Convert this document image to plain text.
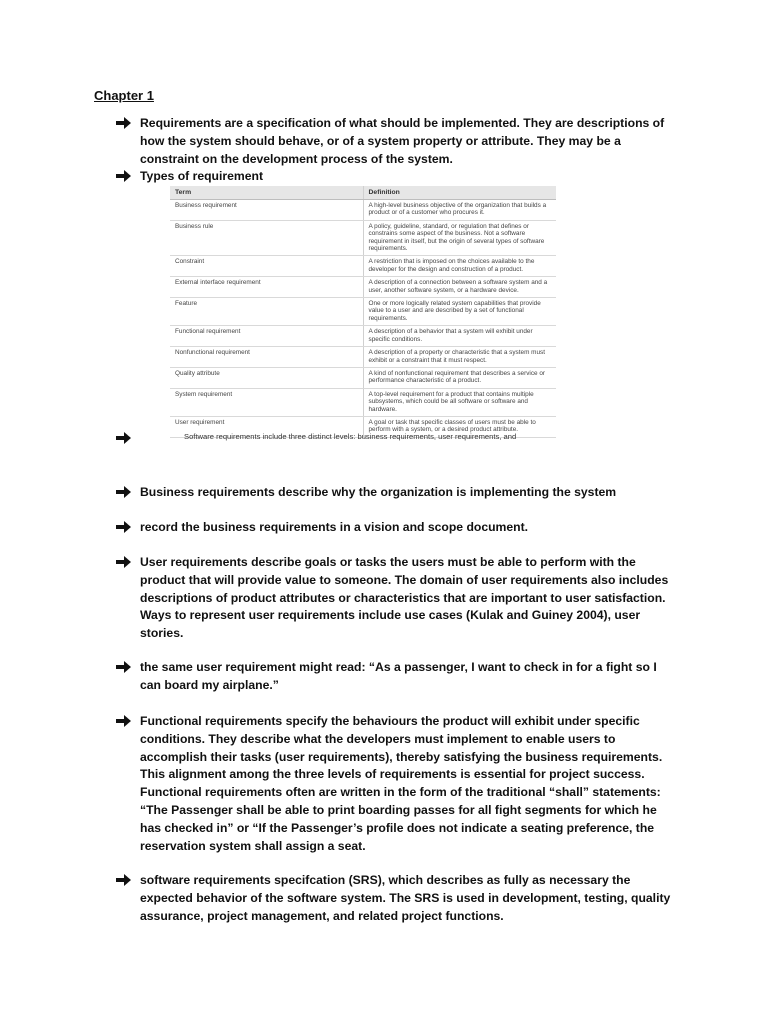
Chapter 1
Requirements are a specification of what should be implemented. They are descriptions of how the system should behave, or of a system property or attribute. They may be a constraint on the development process of the system.
Types of requirement
Term	Definition
Business requirement	A high-level business objective of the organization that builds a product or of a customer who procures it.
Business rule	A policy, guideline, standard, or regulation that defines or constrains some aspect of the business. Not a software requirement in itself, but the origin of several types of software requirements.
Constraint	A restriction that is imposed on the choices available to the developer for the design and construction of a product.
External interface requirement	A description of a connection between a software system and a user, another software system, or a hardware device.
Feature	One or more logically related system capabilities that provide value to a user and are described by a set of functional requirements.
Functional requirement	A description of a behavior that a system will exhibit under specific conditions.
Nonfunctional requirement	A description of a property or characteristic that a system must exhibit or a constraint that it must respect.
Quality attribute	A kind of nonfunctional requirement that describes a service or performance characteristic of a product.
System requirement	A top-level requirement for a product that contains multiple subsystems, which could be all software or software and hardware.
User requirement	A goal or task that specific classes of users must be able to perform with a system, or a desired product attribute.
Software requirements include three distinct levels: business requirements, user requirements, and
Business requirements describe why the organization is implementing the system
record the business requirements in a vision and scope document.
User requirements describe goals or tasks the users must be able to perform with the product that will provide value to someone. The domain of user requirements also includes descriptions of product attributes or characteristics that are important to user satisfaction. Ways to represent user requirements include use cases (Kulak and Guiney 2004), user stories.
the same user requirement might read: “As a passenger, I want to check in for a fight so I can board my airplane.”
Functional requirements specify the behaviours the product will exhibit under specific conditions. They describe what the developers must implement to enable users to accomplish their tasks (user requirements), thereby satisfying the business requirements. This alignment among the three levels of requirements is essential for project success. Functional requirements often are written in the form of the traditional “shall” statements: “The Passenger shall be able to print boarding passes for all fight segments for which he has checked in” or “If the Passenger’s profile does not indicate a seating preference, the reservation system shall assign a seat.
software requirements specifcation (SRS), which describes as fully as necessary the expected behavior of the software system. The SRS is used in development, testing, quality assurance, project management, and related project functions.
